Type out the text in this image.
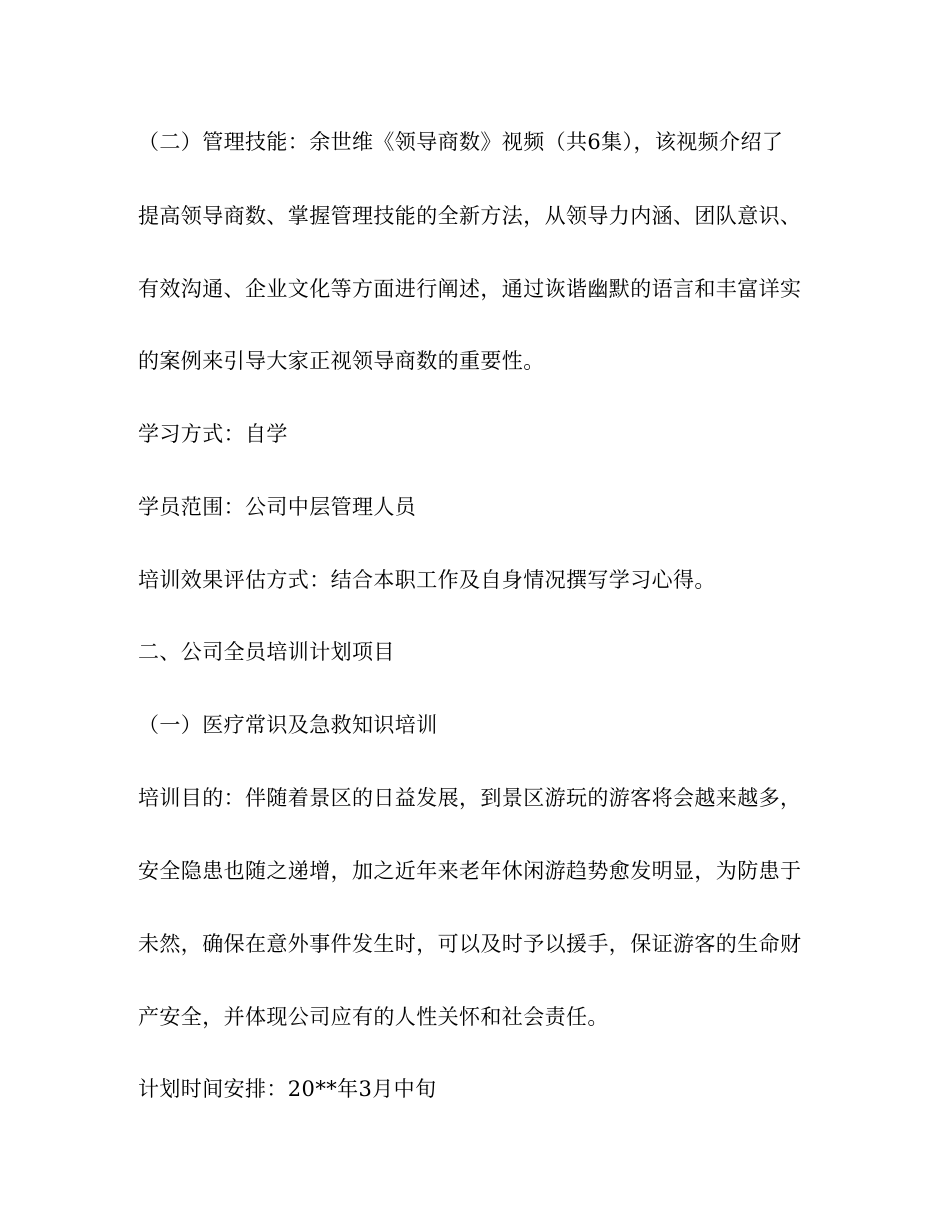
（二）管理技能：余世维《领导商数》视频（共6集），该视频介绍了
提高领导商数、掌握管理技能的全新方法，从领导力内涵、团队意识、
有效沟通、企业文化等方面进行阐述，通过诙谐幽默的语言和丰富详实
的案例来引导大家正视领导商数的重要性。
学习方式：自学
学员范围：公司中层管理人员
培训效果评估方式：结合本职工作及自身情况撰写学习心得。
二、公司全员培训计划项目
（一）医疗常识及急救知识培训
培训目的：伴随着景区的日益发展，到景区游玩的游客将会越来越多，
安全隐患也随之递增，加之近年来老年休闲游趋势愈发明显，为防患于
未然，确保在意外事件发生时，可以及时予以援手，保证游客的生命财
产安全，并体现公司应有的人性关怀和社会责任。
计划时间安排：20**年3月中旬
